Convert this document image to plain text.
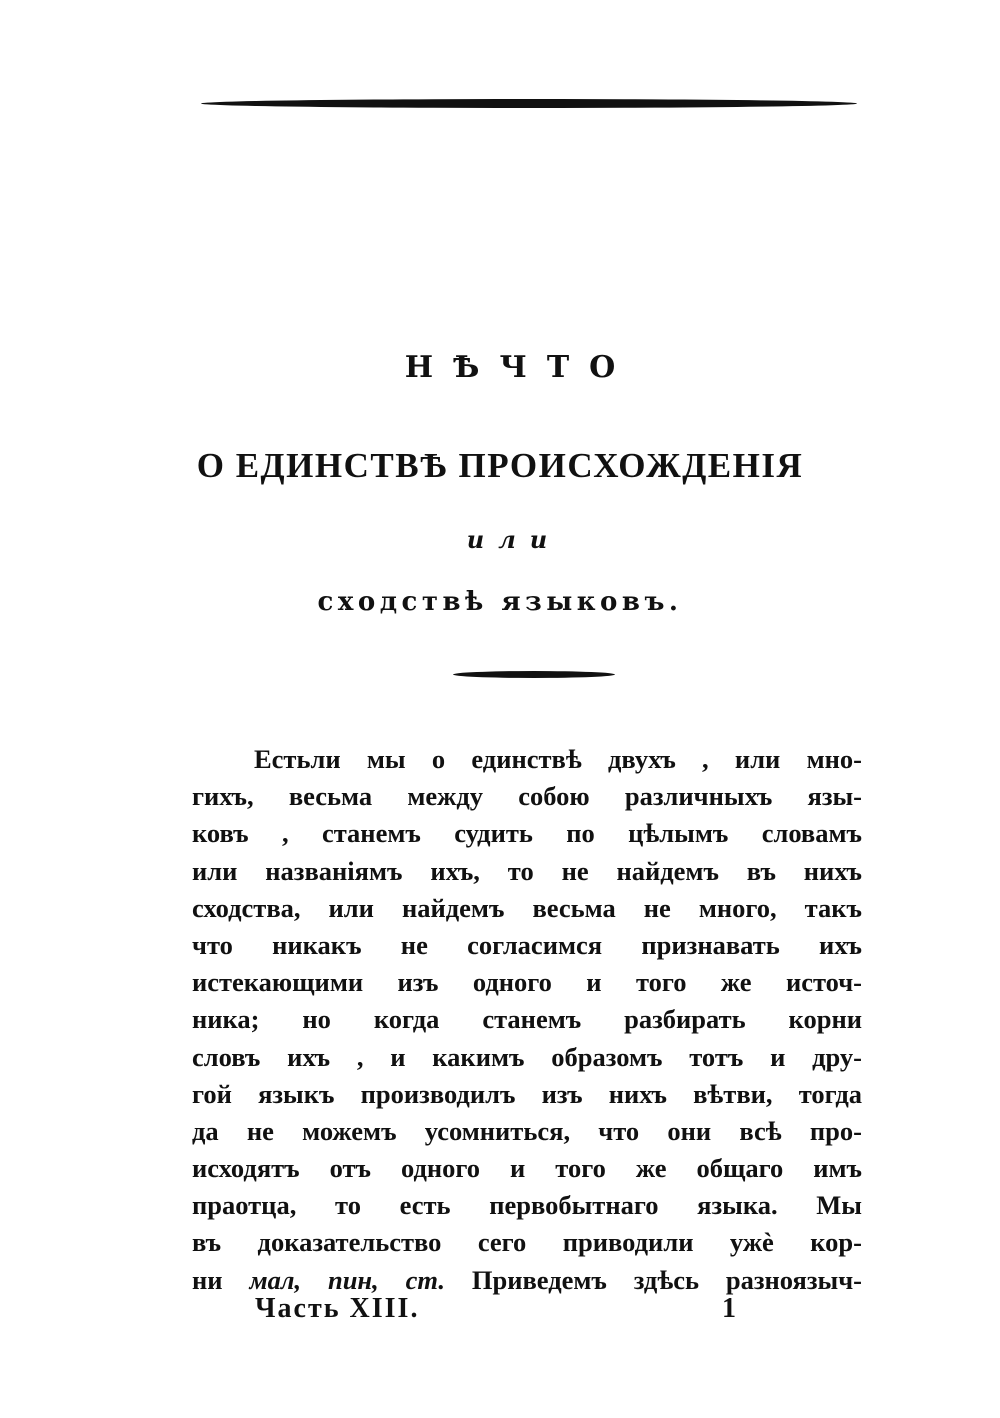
НѢЧТО
О ЕДИНСТВѢ ПРОИСХОЖДЕНІЯ
или
сходствѣ языковъ.
Естьли мы о единствѣ двухъ , или мно-
гихъ, весьма между собою различныхъ язы-
ковъ , станемъ судить по цѣлымъ словамъ
или названіямъ ихъ, то не найдемъ въ нихъ
сходства, или найдемъ весьма не много, такъ
что никакъ не согласимся признавать ихъ
истекающими изъ одного и того же источ-
ника; но когда станемъ разбирать корни
словъ ихъ , и какимъ образомъ тотъ и дру-
гой языкъ производилъ изъ нихъ вѣтви, тогда
да не можемъ усомниться, что они всѣ про-
исходятъ отъ одного и того же общаго имъ
праотца, то есть первобытнаго языка. Мы
въ доказательство сего приводили ужѐ кор-
ни мал, пин, ст. Приведемъ здѣсь разноязыч-
Часть XIII.	1
